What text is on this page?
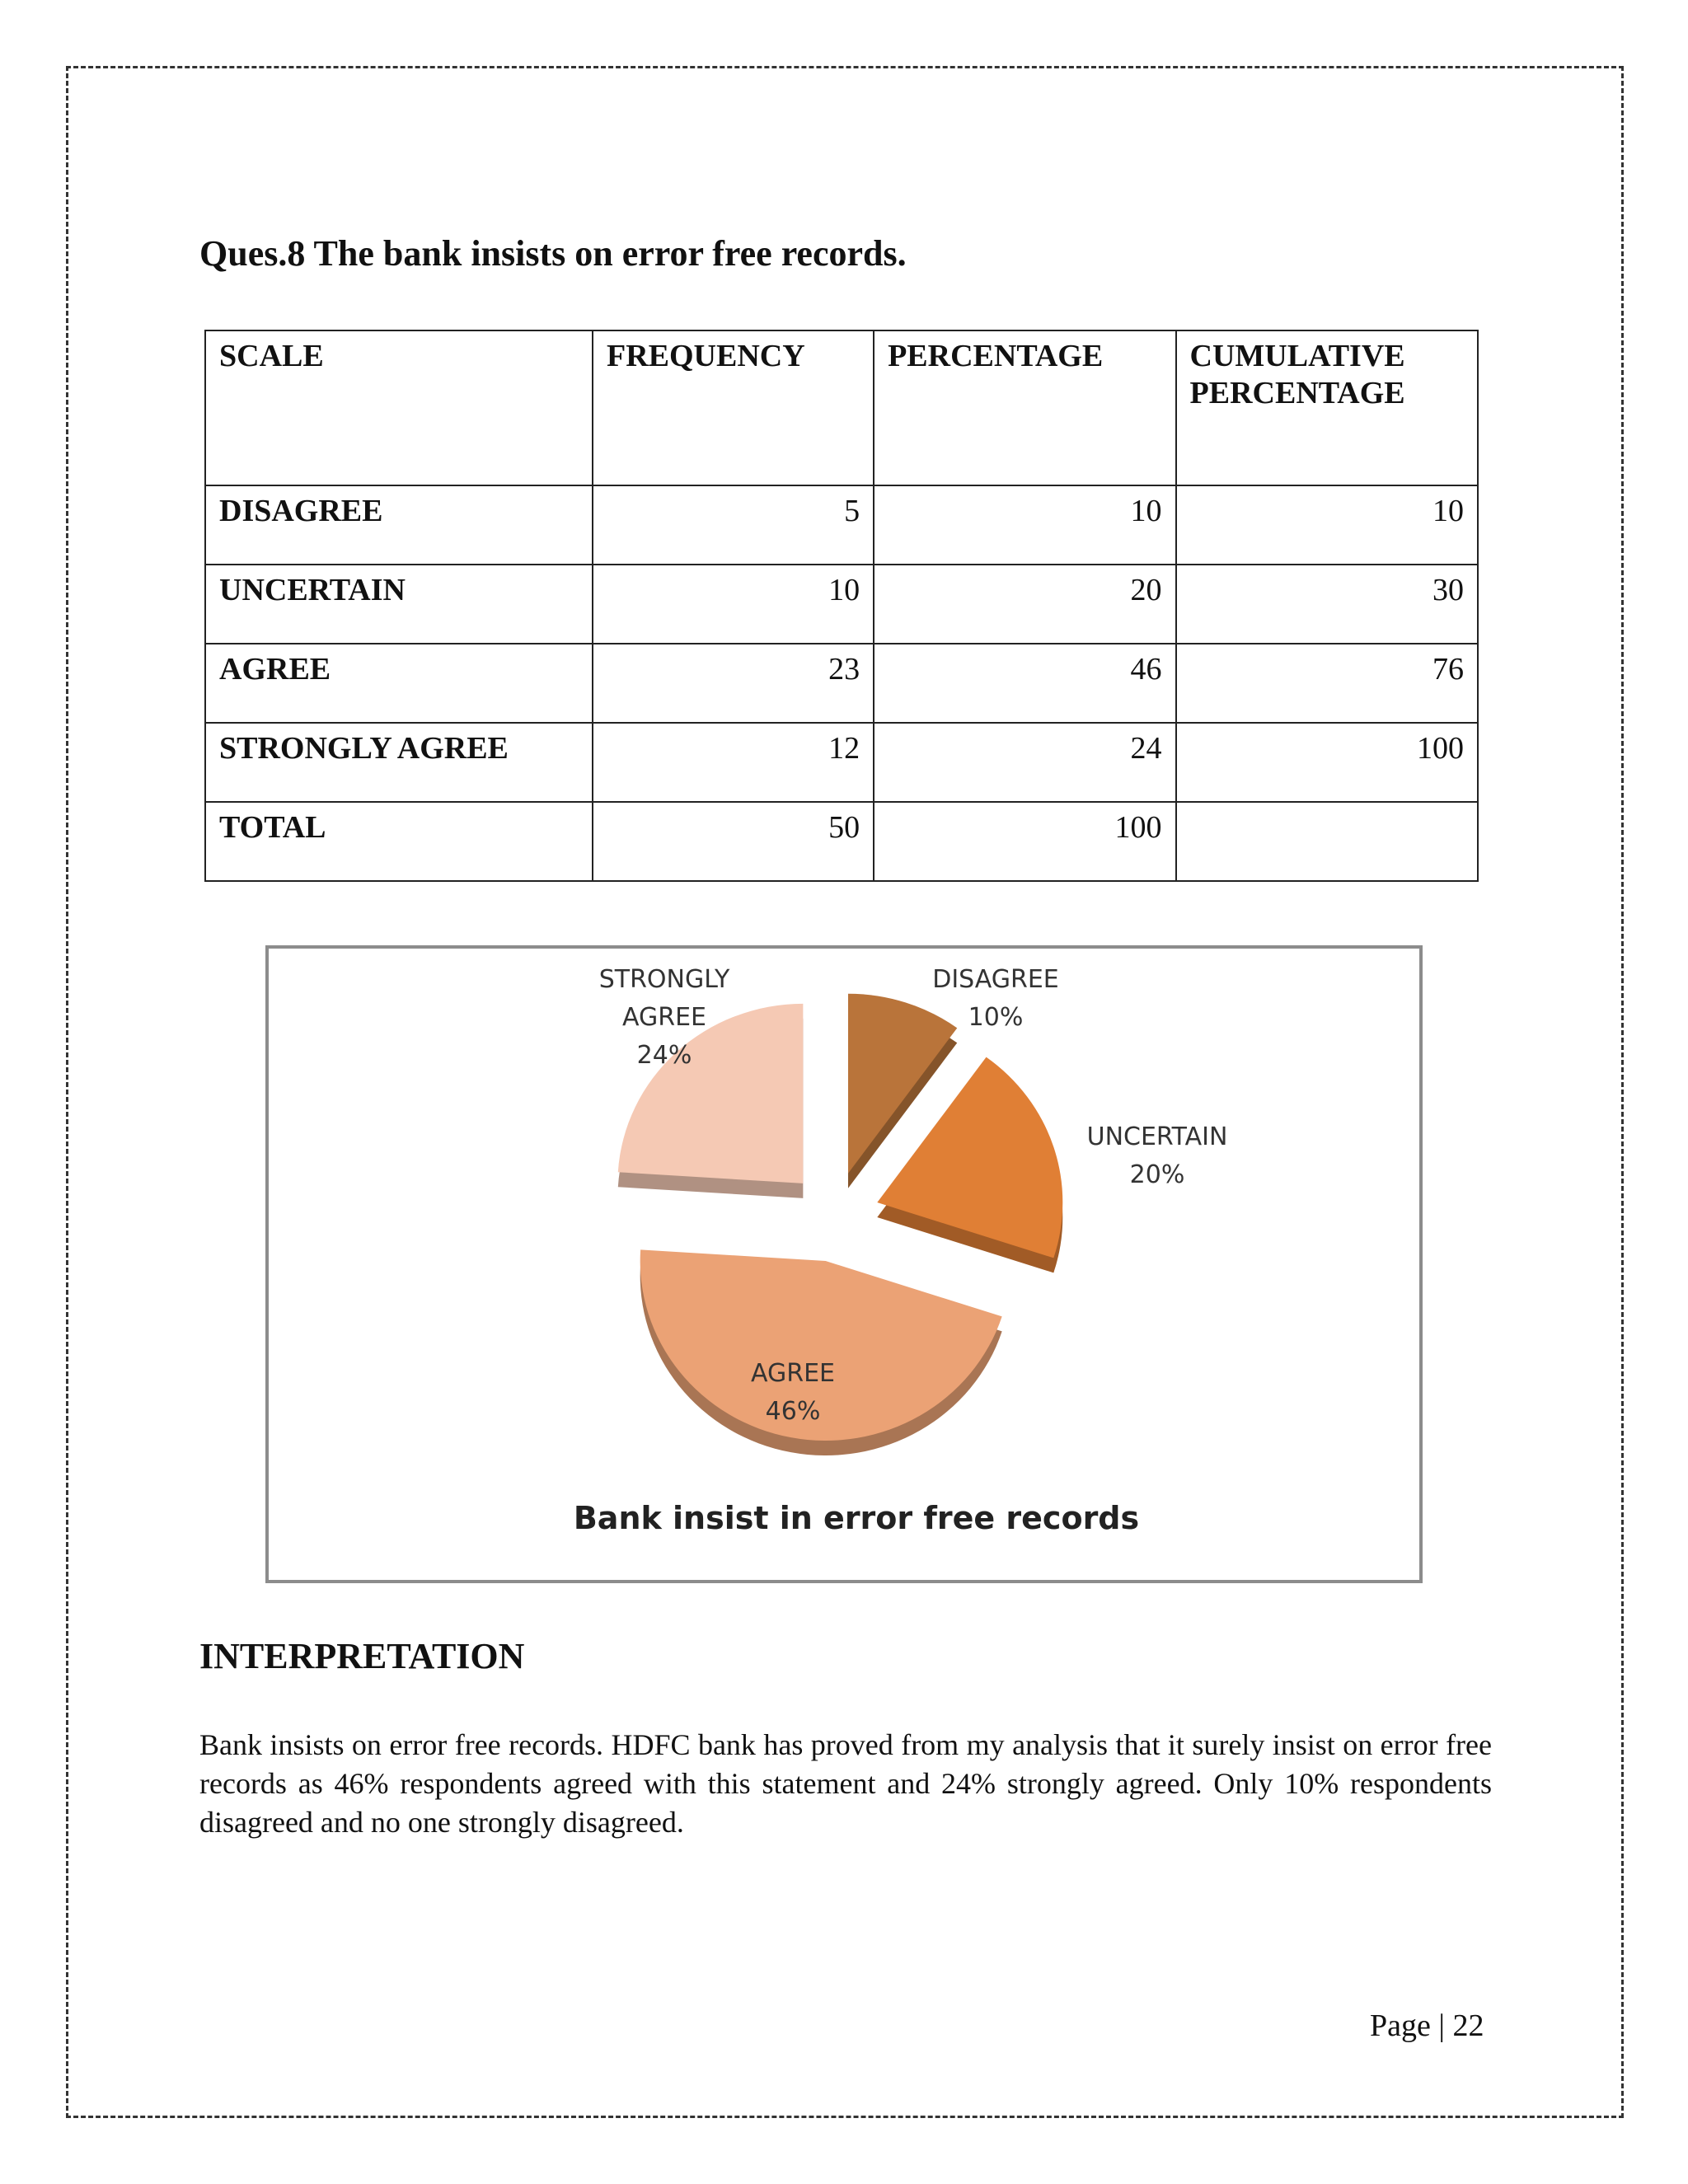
Ques.8 The bank insists on error free records.
SCALE	FREQUENCY	PERCENTAGE	CUMULATIVE
PERCENTAGE

DISAGREE	5	10	10
UNCERTAIN	10	20	30
AGREE	23	46	76
STRONGLY AGREE	12	24	100
TOTAL	50	100	
STRONGLY AGREE 24%
DISAGREE 10%
UNCERTAIN 20%
AGREE 46%
Bank insist in error free records
INTERPRETATION
Bank insists on error free records. HDFC bank has proved from my analysis that it surely insist on error free records as 46% respondents agreed with this statement and 24% strongly agreed. Only 10% respondents disagreed and no one strongly disagreed.
Page | 22
